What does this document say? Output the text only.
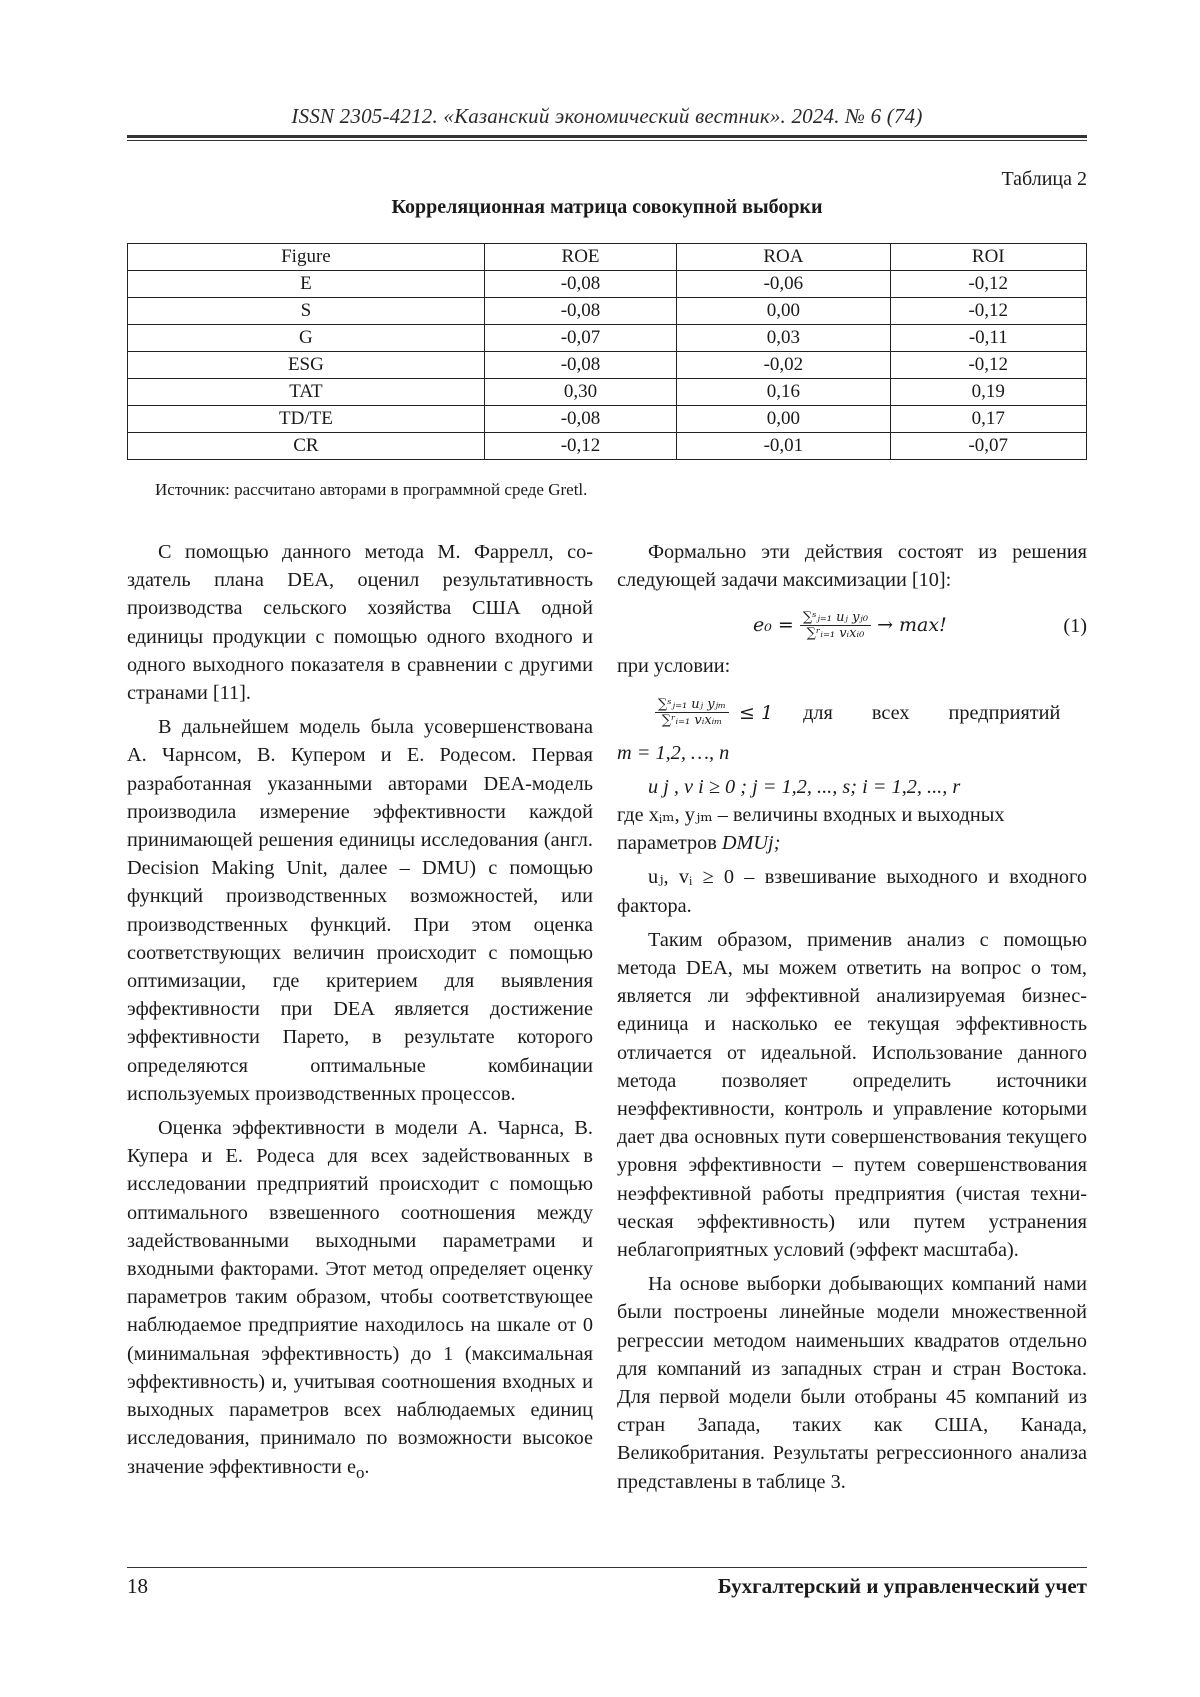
ISSN 2305-4212. «Казанский экономический вестник». 2024. № 6 (74)
Таблица 2
Корреляционная матрица совокупной выборки
Figure	ROE	ROA	ROI
E	-0,08	-0,06	-0,12
S	-0,08	0,00	-0,12
G	-0,07	0,03	-0,11
ESG	-0,08	-0,02	-0,12
TAT	0,30	0,16	0,19
TD/TE	-0,08	0,00	0,17
CR	-0,12	-0,01	-0,07
Источник: рассчитано авторами в программной среде Gretl.

С помощью данного метода М. Фаррелл, создатель плана DEA, оценил результативность производства сельского хозяйства США одной единицы продукции с помощью одного входного и одного выходного показателя в сравнении с другими странами [11].

В дальнейшем модель была усовершенствована А. Чарнсом, В. Купером и Е. Родесом. Первая разработанная указанными авторами DEA-модель производила измерение эффективности каждой принимающей решения единицы исследования (англ. Decision Making Unit, далее – DMU) с помощью функций производственных возможностей, или производственных функций. При этом оценка соответствующих величин происходит с помощью оптимизации, где критерием для выявления эффективности при DEA является достижение эффективности Парето, в результате которого определяются оптимальные комбинации используемых производственных процессов.

Оценка эффективности в модели А. Чарнса, В. Купера и Е. Родеса для всех задействованных в исследовании предприятий происходит с помощью оптимального взвешенного соотношения между задействованными выходными параметрами и входными факторами. Этот метод определяет оценку параметров таким образом, чтобы соответствующее наблюдаемое предприятие находилось на шкале от 0 (минимальная эффективность) до 1 (максимальная эффективность) и, учитывая соотношения входных и выходных параметров всех наблюдаемых единиц исследования, принимало по возможности высокое значение эффективности $e_o$.

Формально эти действия состоят из решения следующей задачи максимизации [10]:

$e_0 = \frac{\text{∑ˢⱼ₌₁ uⱼ yⱼ₀}}{\text{∑ʳᵢ₌₁ vᵢxᵢ₀}} \to \max$!	(1)

при условии:

$\frac{\text{∑ˢⱼ₌₁ uⱼ yⱼₘ}}{\text{∑ʳᵢ₌₁ vᵢxᵢₘ}} \le 1$ для всех предприятий

m = 1,2, …, n

u j , v i ≥ 0 ; j = 1,2, ..., s; i = 1,2, ..., r

где xᵢₘ, yⱼₘ – величины входных и выходных

параметров DMUj;

uⱼ, vᵢ ≥ 0 – взвешивание выходного и входного фактора.

Таким образом, применив анализ с помощью метода DEA, мы можем ответить на вопрос о том, является ли эффективной анализируемая бизнес-единица и насколько ее текущая эффективность отличается от идеальной. Использование данного метода позволяет определить источники неэффективности, контроль и управление которыми дает два основных пути совершенствования текущего уровня эффективности – путем совершенствования неэффективной работы предприятия (чистая техническая эффективность) или путем устранения неблагоприятных условий (эффект масштаба).

На основе выборки добывающих компаний нами были построены линейные модели множественной регрессии методом наименьших квадратов отдельно для компаний из западных стран и стран Востока. Для первой модели были отобраны 45 компаний из стран Запада, таких как США, Канада, Великобритания. Результаты регрессионного анализа представлены в таблице 3.

18	Бухгалтерский и управленческий учет
